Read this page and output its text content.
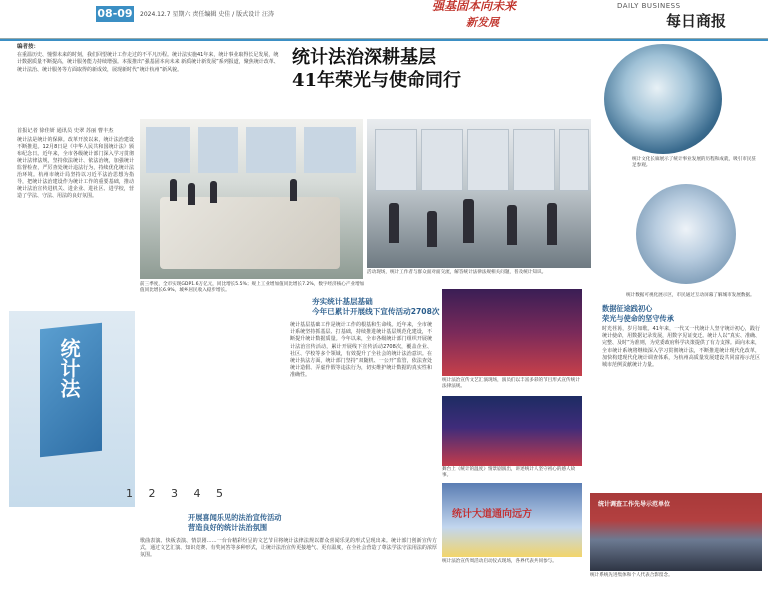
08-09 2024.12.7 星期六 责任编辑 史佳 / 版式设计 汪涛
强基固本向未来
新发展
DAILY BUSINESS
每日商报
编者按：
在重温历史、憧憬未来的时刻，我们回望统计工作走过的不平凡历程。统计法实施41年来，统计事业取得长足发展，统计数据质量不断提高，统计服务能力持续增强。本报推出“强基固本向未来 新质统计新发展”系列报道，聚焦统计改革、统计法治、统计服务等方面取得的新成效，展现新时代“统计杭州”新风貌。
统计法治深耕基层
41年荣光与使命同行
统计文化长廊展示了统计事业发展的历程和成就，吸引市民驻足参观。
统计数据可视化展示区，市民通过互动屏幕了解城市发展数据。
首报记者 徐佳妍 通讯员 史翠 苏丽 曹丰杰
统计法是统计的保障。改革开放以来，统计法治建设不断推进。12月8日是《中华人民共和国统计法》颁布纪念日。近年来，全市各级统计部门深入学习贯彻统计法律法规，坚持依法统计、依法治统，加强统计监督检查，严厉查处统计违法行为，持续优化统计法治环境。杭州市统计局坚持以习近平法治思想为指导，把统计法治建设作为统计工作的重要基础，推动统计法治宣传进机关、进企业、进社区、进学校，营造了学法、守法、用法的良好氛围。
统计法
1 2 3 4 5
前三季度，全市实现GDP1.6万亿元，同比增长5.5%；规上工业增加值同比增长7.2%，数字经济核心产业增加值同比增长6.9%，城乡居民收入稳步增长。
活动现场，统计工作者与群众面对面交流，解答统计法律法规相关问题，普及统计知识。
夯实统计基层基础
今年已累计开展线下宣传活动2708次
统计基层基础工作是统计工作的根基和生命线。近年来，全市统计系统坚持抓基层、打基础，持续推进统计基层规范化建设，不断提升统计数据质量。今年以来，全市各级统计部门组织开展统计法治宣传活动，累计开展线下宣传活动2708次，覆盖企业、社区、学校等多个领域，有效提升了全社会的统计法治意识。在统计执法方面，统计部门坚持“双随机、一公开”监管，依法查处统计造假、弄虚作假等违法行为，切实维护统计数据的真实性和准确性。
统计法治宣传文艺汇演现场，演员们以丰富多彩的节目形式宣传统计法律法规。
舞台上《统计的温度》情景剧演出，讲述统计人坚守初心的感人故事。
统计大道通向远方
统计法治宣传周活动启动仪式现场，各界代表共同参与。
数据征途践初心
荣光与使命的坚守传承
时光荏苒，岁月如歌。41年来，一代又一代统计人坚守统计初心，践行统计使命，用数据记录发展，用数字见证变迁。统计人以“真实、准确、完整、及时”为准则，为党委政府科学决策提供了有力支撑。面向未来，全市统计系统将继续深入学习贯彻统计法，不断推进统计现代化改革，加快构建现代化统计调查体系，为杭州高质量发展建设共同富裕示范区城市范例贡献统计力量。
统计调查工作先导示范单位
统计系统先进集体和个人代表合影留念。
开展喜闻乐见的法治宣传活动
营造良好的统计法治氛围
歌曲表演、快板表演、情景剧……一台台精彩纷呈的文艺节目将统计法律法规以群众喜闻乐见的形式呈现出来。统计部门创新宣传方式，通过文艺汇演、知识竞赛、有奖问答等多种形式，让统计法治宣传更接地气、更有温度，在全社会营造了尊法学法守法用法的浓厚氛围。
